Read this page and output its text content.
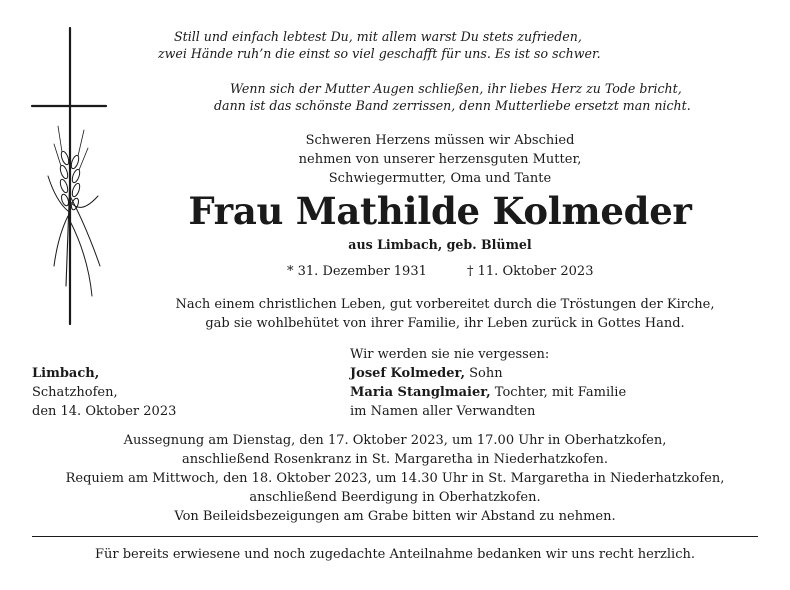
Still und einfach lebtest Du, mit allem warst Du stets zufrieden,
zwei Hände ruh’n die einst so viel geschafft für uns. Es ist so schwer.
Wenn sich der Mutter Augen schließen, ihr liebes Herz zu Tode bricht,
dann ist das schönste Band zerrissen, denn Mutterliebe ersetzt man nicht.
Schweren Herzens müssen wir Abschied
nehmen von unserer herzensguten Mutter,
Schwiegermutter, Oma und Tante
Frau Mathilde Kolmeder
aus Limbach, geb. Blümel
* 31. Dezember 1931	† 11. Oktober 2023
Nach einem christlichen Leben, gut vorbereitet durch die Tröstungen der Kirche,
gab sie wohlbehütet von ihrer Familie, ihr Leben zurück in Gottes Hand.
Limbach,
Schatzhofen,
den 14. Oktober 2023
Wir werden sie nie vergessen:
Josef Kolmeder, Sohn
Maria Stanglmaier, Tochter, mit Familie
im Namen aller Verwandten
Aussegnung am Dienstag, den 17. Oktober 2023, um 17.00 Uhr in Oberhatzkofen,
anschließend Rosenkranz in St. Margaretha in Niederhatzkofen.
Requiem am Mittwoch, den 18. Oktober 2023, um 14.30 Uhr in St. Margaretha in Niederhatzkofen,
anschließend Beerdigung in Oberhatzkofen.
Von Beileidsbezeigungen am Grabe bitten wir Abstand zu nehmen.
Für bereits erwiesene und noch zugedachte Anteilnahme bedanken wir uns recht herzlich.
